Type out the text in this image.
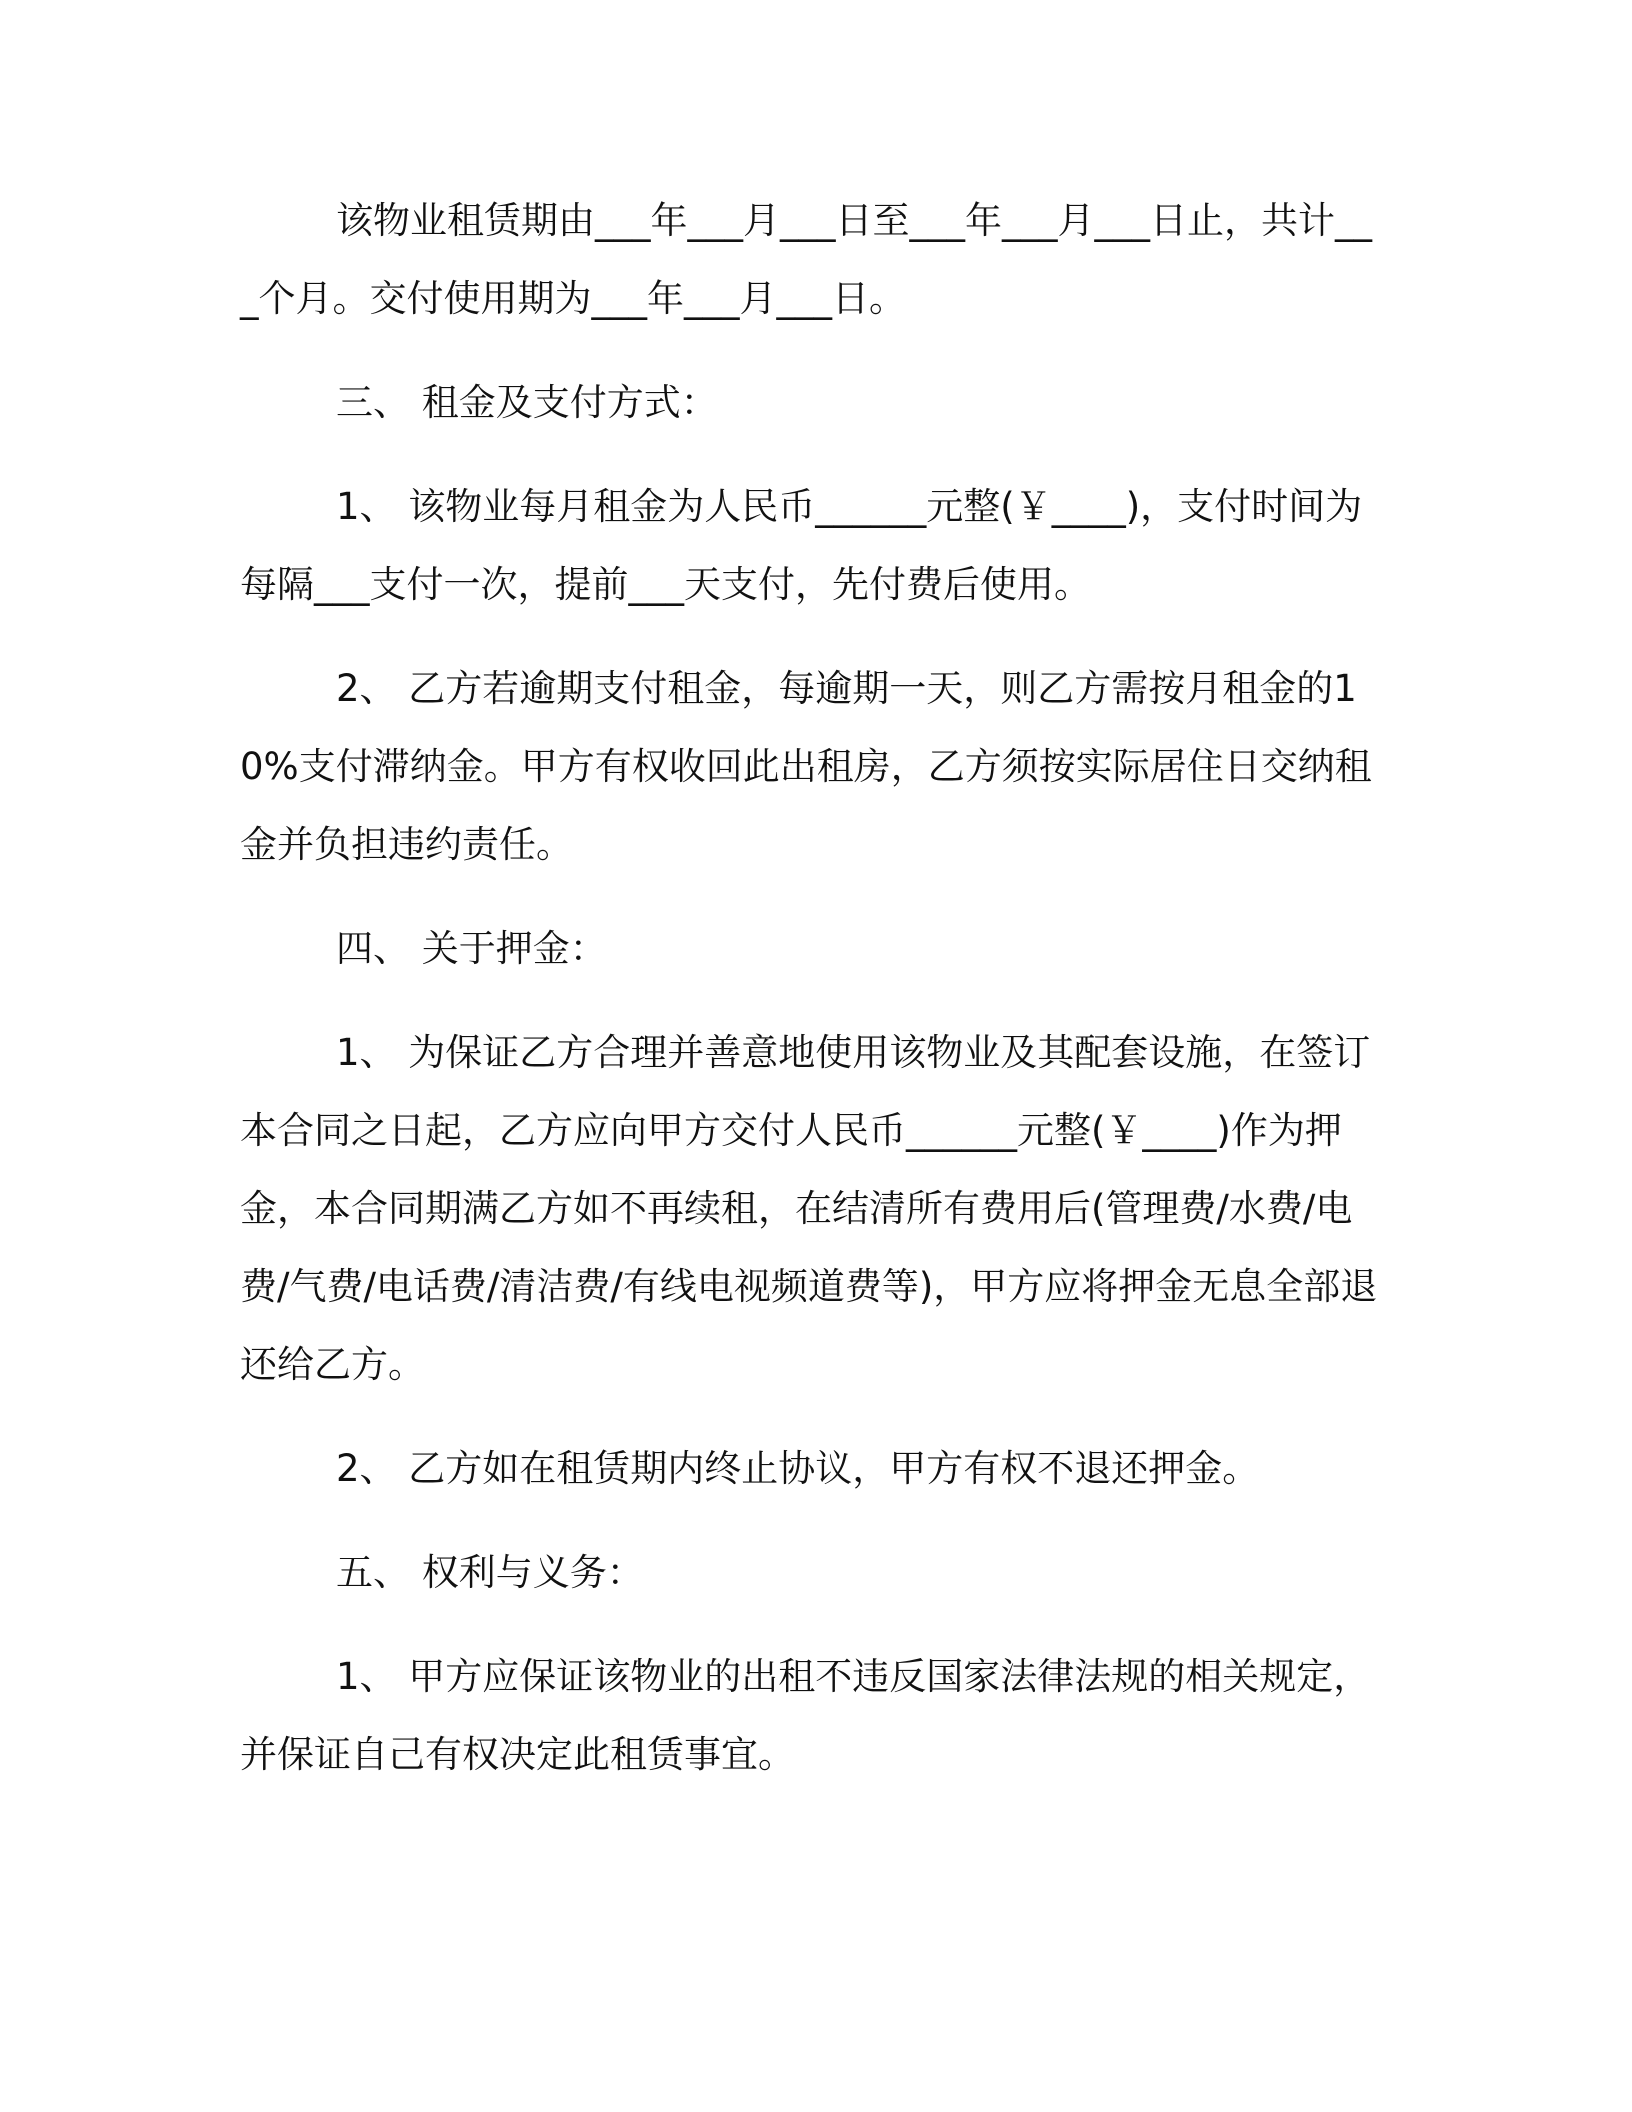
该物业租赁期由___年___月___日至___年___月___日止，共计___个月。交付使用期为___年___月___日。

三、 租金及支付方式：

1、 该物业每月租金为人民币______元整(￥____)，支付时间为每隔___支付一次，提前___天支付，先付费后使用。

2、 乙方若逾期支付租金，每逾期一天，则乙方需按月租金的10%支付滞纳金。甲方有权收回此出租房，乙方须按实际居住日交纳租金并负担违约责任。

四、 关于押金：

1、 为保证乙方合理并善意地使用该物业及其配套设施，在签订本合同之日起，乙方应向甲方交付人民币______元整(￥____)作为押金，本合同期满乙方如不再续租，在结清所有费用后(管理费/水费/电费/气费/电话费/清洁费/有线电视频道费等)，甲方应将押金无息全部退还给乙方。

2、 乙方如在租赁期内终止协议，甲方有权不退还押金。

五、 权利与义务：

1、 甲方应保证该物业的出租不违反国家法律法规的相关规定，并保证自己有权决定此租赁事宜。
